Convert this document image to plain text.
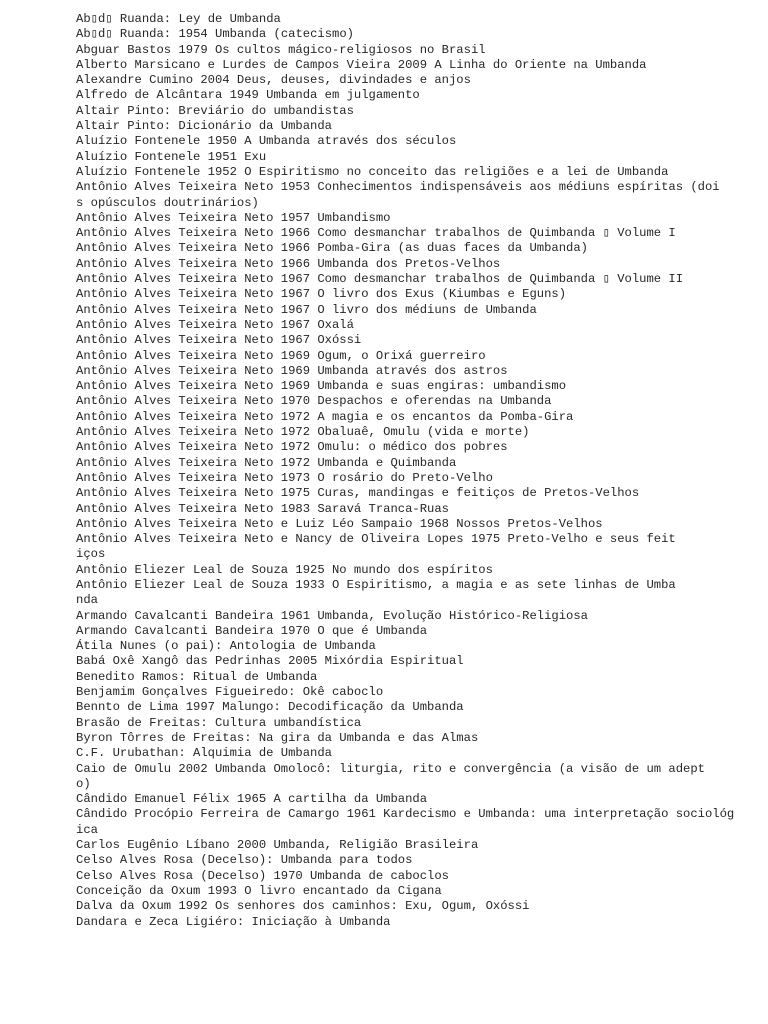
Ab▯d▯ Ruanda: Ley de Umbanda
Ab▯d▯ Ruanda: 1954 Umbanda (catecismo)
Abguar Bastos 1979 Os cultos mágico-religiosos no Brasil
Alberto Marsicano e Lurdes de Campos Vieira 2009 A Linha do Oriente na Umbanda
Alexandre Cumino 2004 Deus, deuses, divindades e anjos
Alfredo de Alcântara 1949 Umbanda em julgamento
Altair Pinto: Breviário do umbandistas
Altair Pinto: Dicionário da Umbanda
Aluízio Fontenele 1950 A Umbanda através dos séculos
Aluízio Fontenele 1951 Exu
Aluízio Fontenele 1952 O Espiritismo no conceito das religiões e a lei de Umbanda
Antônio Alves Teixeira Neto 1953 Conhecimentos indispensáveis aos médiuns espíritas (doi
s opúsculos doutrinários)
Antônio Alves Teixeira Neto 1957 Umbandismo
Antônio Alves Teixeira Neto 1966 Como desmanchar trabalhos de Quimbanda ▯ Volume I
Antônio Alves Teixeira Neto 1966 Pomba-Gira (as duas faces da Umbanda)
Antônio Alves Teixeira Neto 1966 Umbanda dos Pretos-Velhos
Antônio Alves Teixeira Neto 1967 Como desmanchar trabalhos de Quimbanda ▯ Volume II
Antônio Alves Teixeira Neto 1967 O livro dos Exus (Kiumbas e Eguns)
Antônio Alves Teixeira Neto 1967 O livro dos médiuns de Umbanda
Antônio Alves Teixeira Neto 1967 Oxalá
Antônio Alves Teixeira Neto 1967 Oxóssi
Antônio Alves Teixeira Neto 1969 Ogum, o Orixá guerreiro
Antônio Alves Teixeira Neto 1969 Umbanda através dos astros
Antônio Alves Teixeira Neto 1969 Umbanda e suas engiras: umbandismo
Antônio Alves Teixeira Neto 1970 Despachos e oferendas na Umbanda
Antônio Alves Teixeira Neto 1972 A magia e os encantos da Pomba-Gira
Antônio Alves Teixeira Neto 1972 Obaluaê, Omulu (vida e morte)
Antônio Alves Teixeira Neto 1972 Omulu: o médico dos pobres
Antônio Alves Teixeira Neto 1972 Umbanda e Quimbanda
Antônio Alves Teixeira Neto 1973 O rosário do Preto-Velho
Antônio Alves Teixeira Neto 1975 Curas, mandingas e feitiços de Pretos-Velhos
Antônio Alves Teixeira Neto 1983 Saravá Tranca-Ruas
Antônio Alves Teixeira Neto e Luiz Léo Sampaio 1968 Nossos Pretos-Velhos
Antônio Alves Teixeira Neto e Nancy de Oliveira Lopes 1975 Preto-Velho e seus feit
iços
Antônio Eliezer Leal de Souza 1925 No mundo dos espíritos
Antônio Eliezer Leal de Souza 1933 O Espiritismo, a magia e as sete linhas de Umba
nda
Armando Cavalcanti Bandeira 1961 Umbanda, Evolução Histórico-Religiosa
Armando Cavalcanti Bandeira 1970 O que é Umbanda
Átila Nunes (o pai): Antologia de Umbanda
Babá Oxê Xangô das Pedrinhas 2005 Mixórdia Espiritual
Benedito Ramos: Ritual de Umbanda
Benjamim Gonçalves Figueiredo: Okê caboclo
Bennto de Lima 1997 Malungo: Decodificação da Umbanda
Brasão de Freitas: Cultura umbandística
Byron Tôrres de Freitas: Na gira da Umbanda e das Almas
C.F. Urubathan: Alquimia de Umbanda
Caio de Omulu 2002 Umbanda Omolocô: liturgia, rito e convergência (a visão de um adept
o)
Cândido Emanuel Félix 1965 A cartilha da Umbanda
Cândido Procópio Ferreira de Camargo 1961 Kardecismo e Umbanda: uma interpretação sociológ
ica
Carlos Eugênio Líbano 2000 Umbanda, Religião Brasileira
Celso Alves Rosa (Decelso): Umbanda para todos
Celso Alves Rosa (Decelso) 1970 Umbanda de caboclos
Conceição da Oxum 1993 O livro encantado da Cigana
Dalva da Oxum 1992 Os senhores dos caminhos: Exu, Ogum, Oxóssi
Dandara e Zeca Ligiéro: Iniciação à Umbanda
